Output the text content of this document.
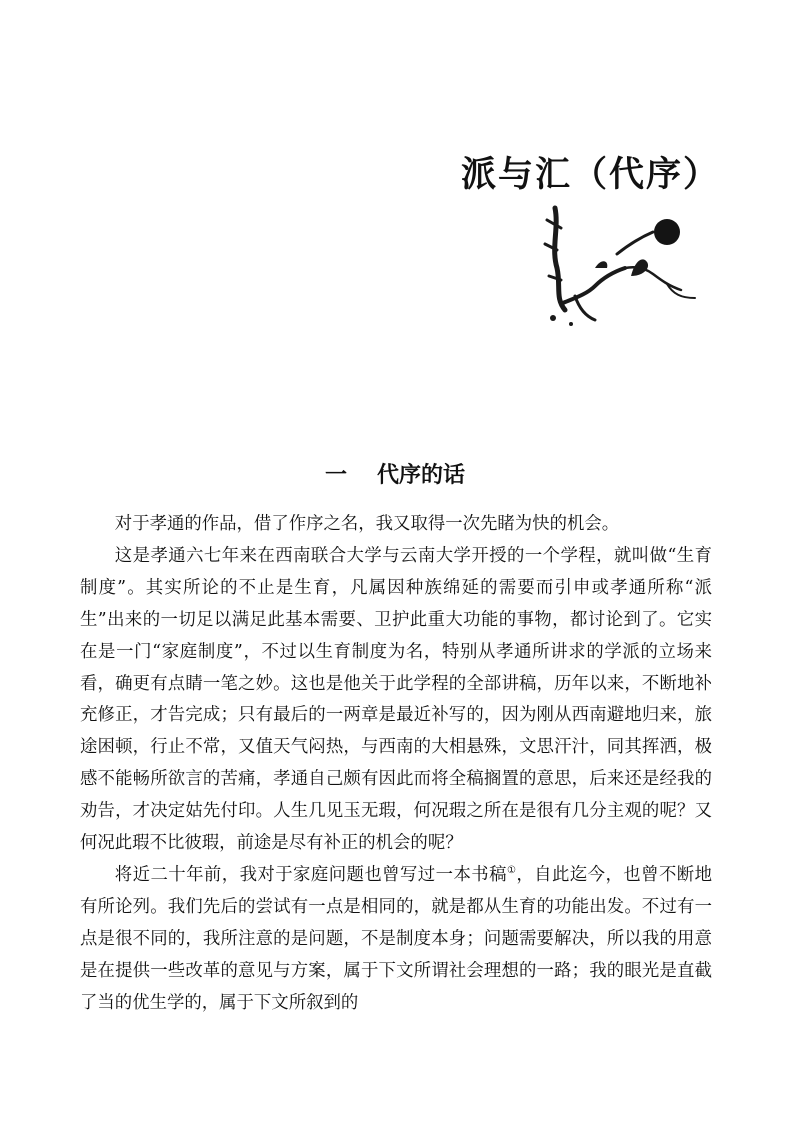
派与汇（代序）
一 代序的话

对于孝通的作品，借了作序之名，我又取得一次先睹为快的机会。

这是孝通六七年来在西南联合大学与云南大学开授的一个学程，就叫做“生育制度”。其实所论的不止是生育，凡属因种族绵延的需要而引申或孝通所称“派生”出来的一切足以满足此基本需要、卫护此重大功能的事物，都讨论到了。它实在是一门“家庭制度”，不过以生育制度为名，特别从孝通所讲求的学派的立场来看，确更有点睛一笔之妙。这也是他关于此学程的全部讲稿，历年以来，不断地补充修正，才告完成；只有最后的一两章是最近补写的，因为刚从西南避地归来，旅途困顿，行止不常，又值天气闷热，与西南的大相悬殊，文思汗汁，同其挥洒，极感不能畅所欲言的苦痛，孝通自己颇有因此而将全稿搁置的意思，后来还是经我的劝告，才决定姑先付印。人生几见玉无瑕，何况瑕之所在是很有几分主观的呢？又何况此瑕不比彼瑕，前途是尽有补正的机会的呢？

将近二十年前，我对于家庭问题也曾写过一本书稿①，自此迄今，也曾不断地有所论列。我们先后的尝试有一点是相同的，就是都从生育的功能出发。不过有一点是很不同的，我所注意的是问题，不是制度本身；问题需要解决，所以我的用意是在提供一些改革的意见与方案，属于下文所谓社会理想的一路；我的眼光是直截了当的优生学的，属于下文所叙到的
